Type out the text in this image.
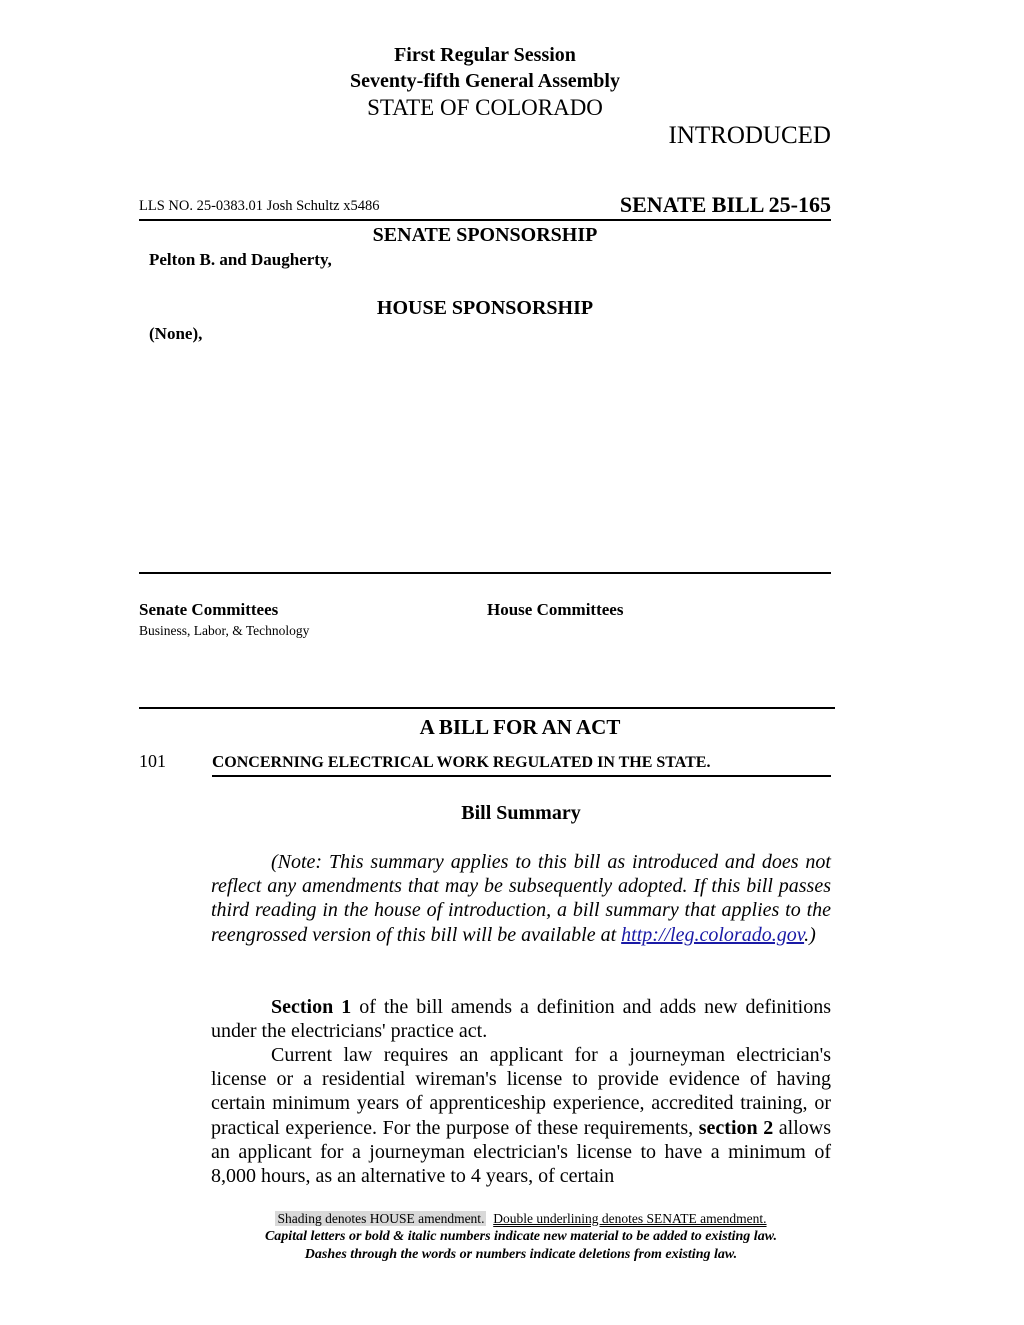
First Regular Session
Seventy-fifth General Assembly
STATE OF COLORADO
INTRODUCED
LLS NO. 25-0383.01 Josh Schultz x5486	SENATE BILL 25-165
SENATE SPONSORSHIP
Pelton B. and Daugherty,
HOUSE SPONSORSHIP
(None),
Senate Committees
Business, Labor, & Technology
House Committees
A BILL FOR AN ACT
101	CONCERNING ELECTRICAL WORK REGULATED IN THE STATE.
Bill Summary
(Note: This summary applies to this bill as introduced and does not reflect any amendments that may be subsequently adopted. If this bill passes third reading in the house of introduction, a bill summary that applies to the reengrossed version of this bill will be available at http://leg.colorado.gov.)
Section 1 of the bill amends a definition and adds new definitions under the electricians' practice act.
Current law requires an applicant for a journeyman electrician's license or a residential wireman's license to provide evidence of having certain minimum years of apprenticeship experience, accredited training, or practical experience. For the purpose of these requirements, section 2 allows an applicant for a journeyman electrician's license to have a minimum of 8,000 hours, as an alternative to 4 years, of certain
Shading denotes HOUSE amendment. Double underlining denotes SENATE amendment.
Capital letters or bold & italic numbers indicate new material to be added to existing law.
Dashes through the words or numbers indicate deletions from existing law.
